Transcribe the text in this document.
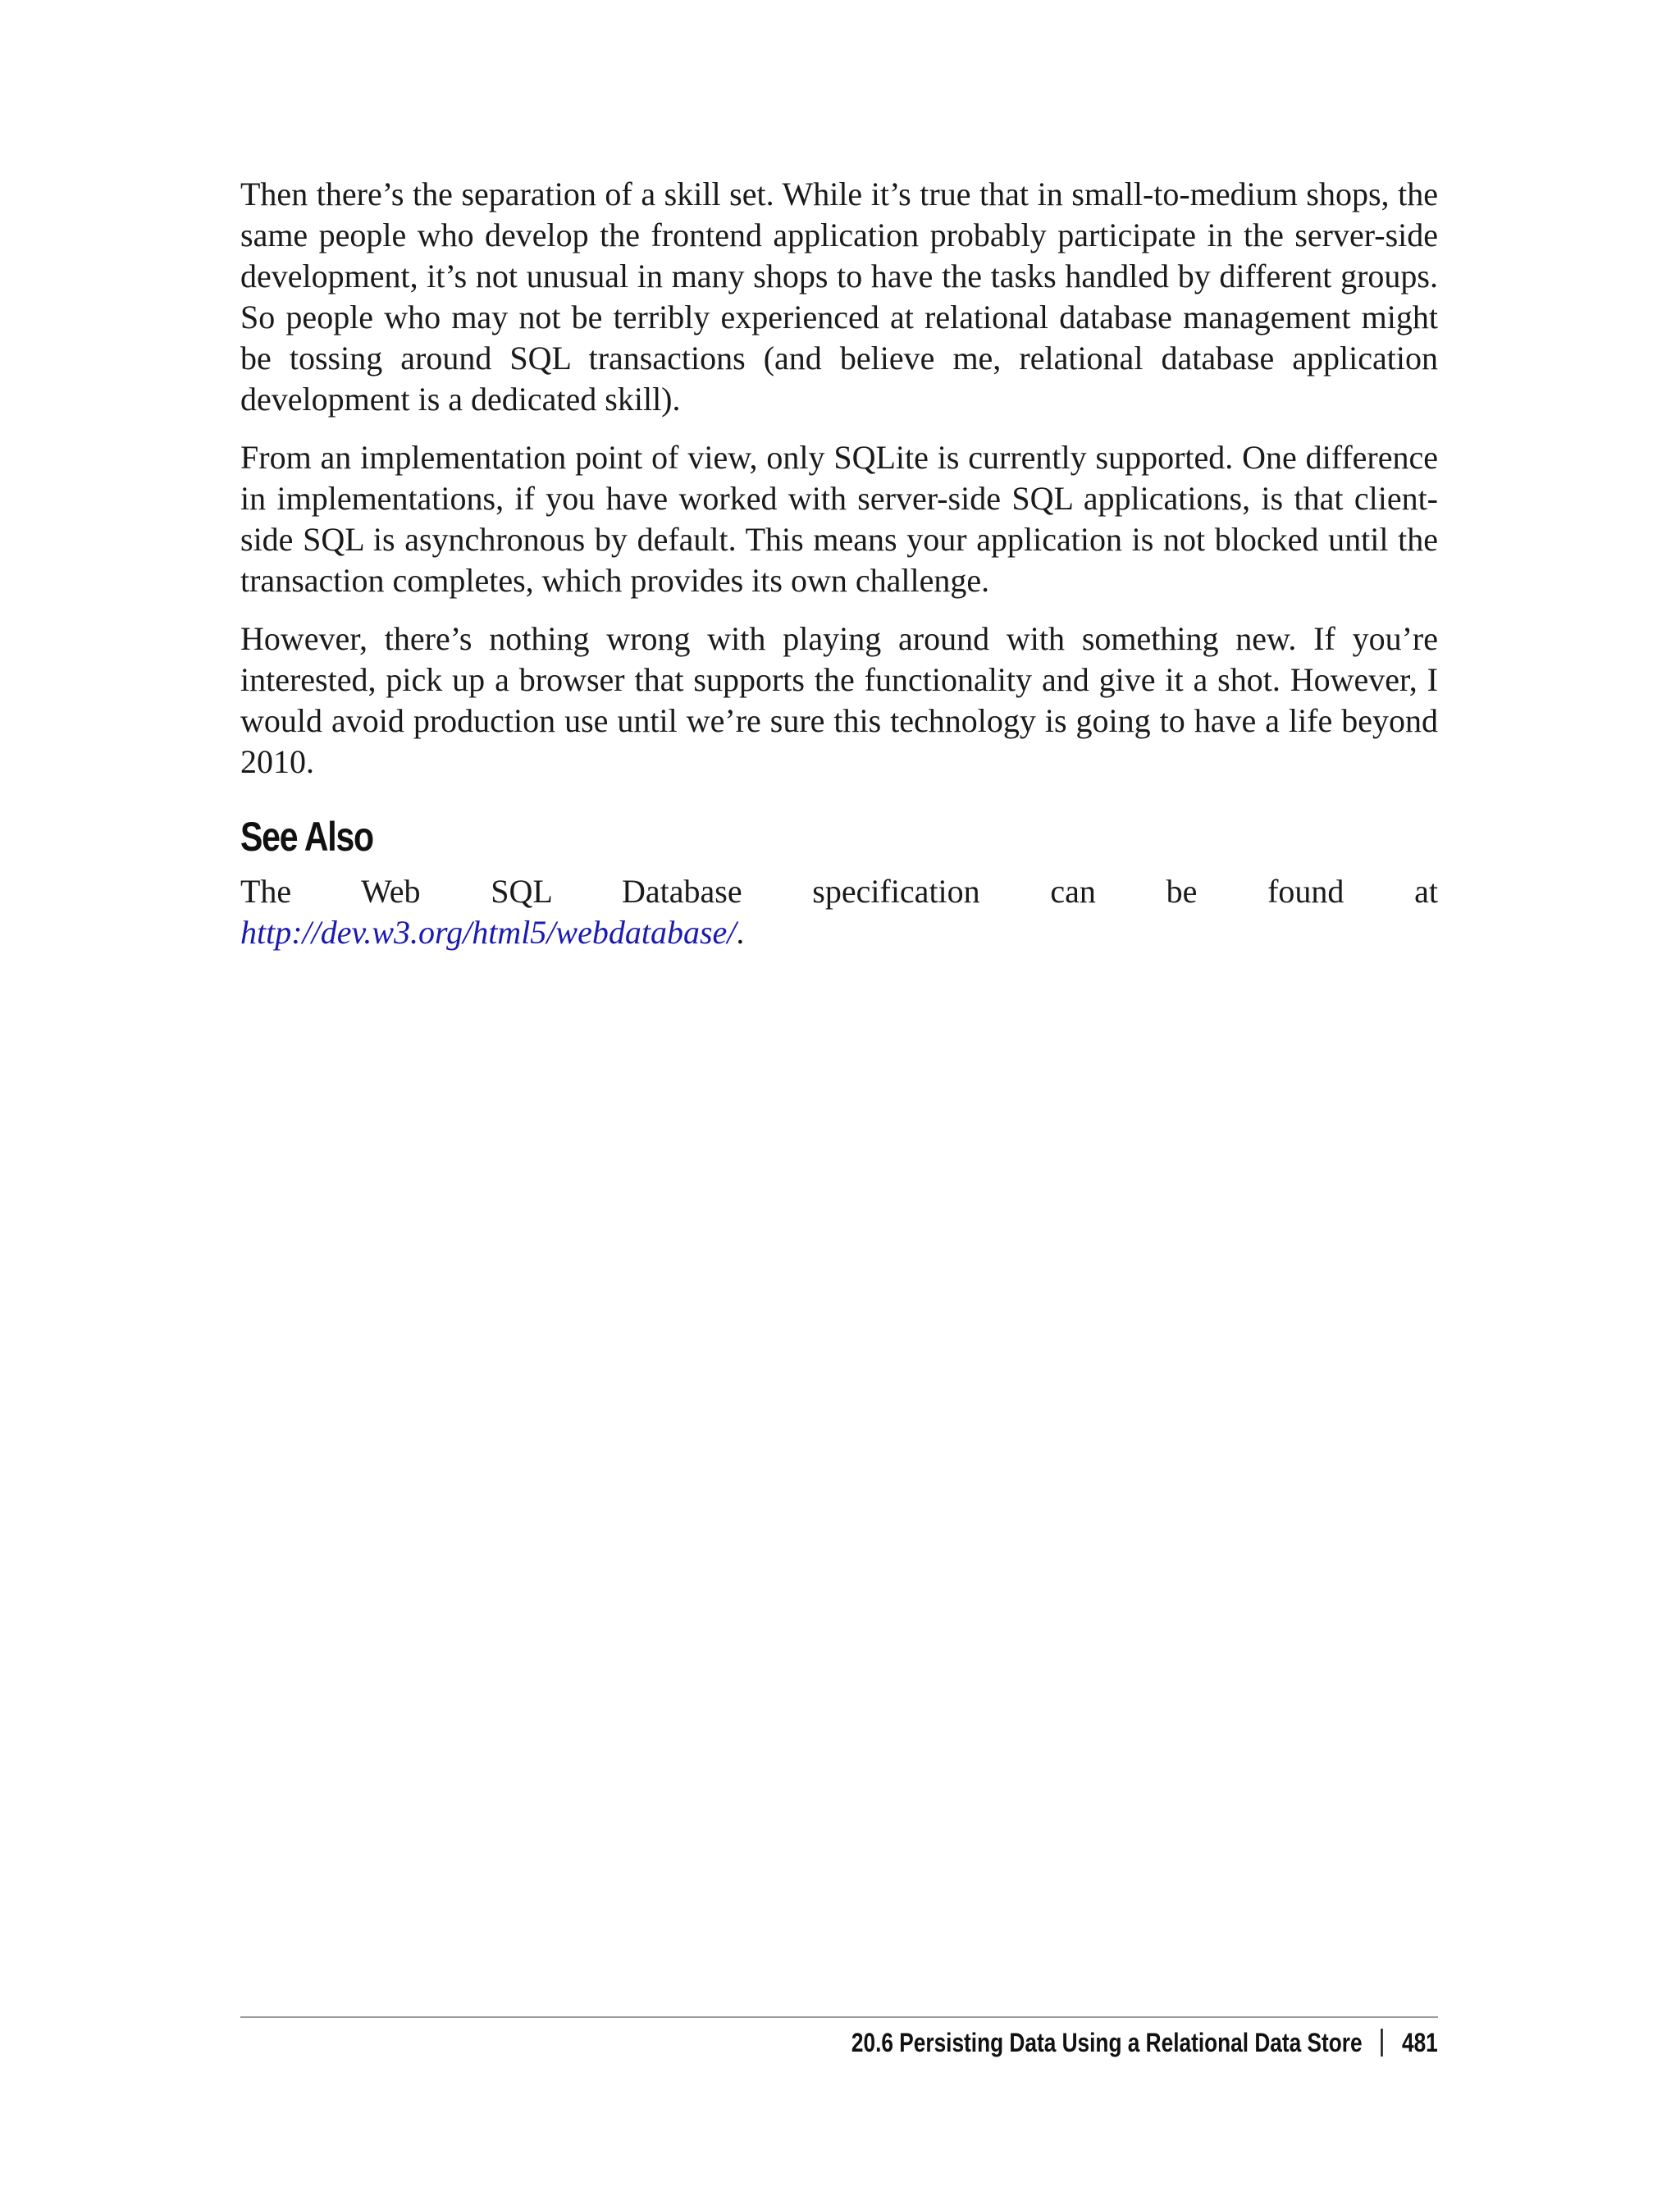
Then there’s the separation of a skill set. While it’s true that in small-to-medium shops, the same people who develop the frontend application probably participate in the server-side development, it’s not unusual in many shops to have the tasks handled by different groups. So people who may not be terribly experienced at relational database management might be tossing around SQL transactions (and believe me, relational database application development is a dedicated skill).

From an implementation point of view, only SQLite is currently supported. One difference in implementations, if you have worked with server-side SQL applications, is that client-side SQL is asynchronous by default. This means your application is not blocked until the transaction completes, which provides its own challenge.

However, there’s nothing wrong with playing around with something new. If you’re interested, pick up a browser that supports the functionality and give it a shot. However, I would avoid production use until we’re sure this technology is going to have a life beyond 2010.

See Also

The Web SQL Database specification can be found at http://dev.w3.org/html5/webdatabase/.

20.6 Persisting Data Using a Relational Data Store 481
